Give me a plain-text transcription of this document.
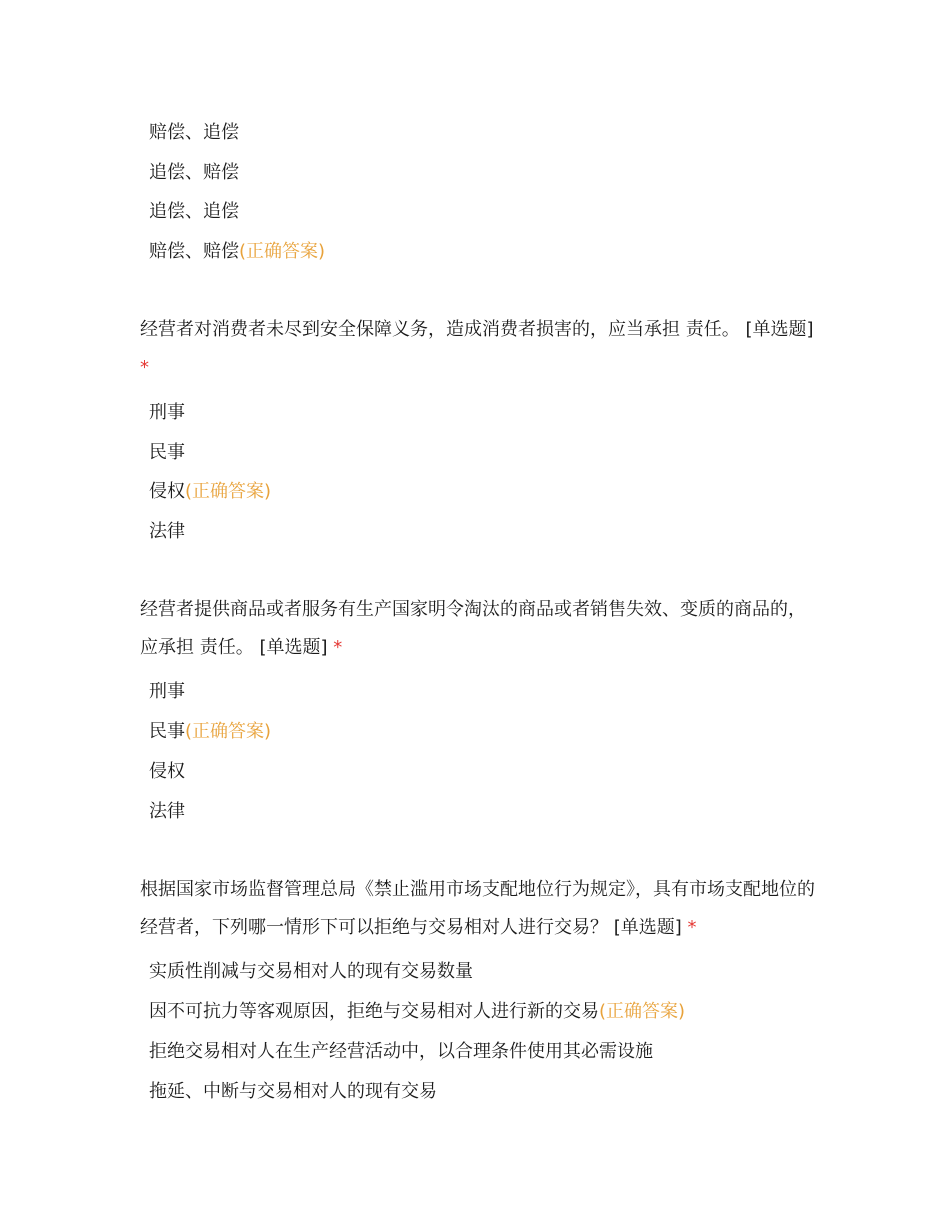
赔偿、追偿
追偿、赔偿
追偿、追偿
赔偿、赔偿(正确答案)
经营者对消费者未尽到安全保障义务，造成消费者损害的，应当承担 责任。 [单选题] *
刑事
民事
侵权(正确答案)
法律
经营者提供商品或者服务有生产国家明令淘汰的商品或者销售失效、变质的商品的，应承担 责任。 [单选题] *
刑事
民事(正确答案)
侵权
法律
根据国家市场监督管理总局《禁止滥用市场支配地位行为规定》，具有市场支配地位的经营者，下列哪一情形下可以拒绝与交易相对人进行交易？ [单选题] *
实质性削减与交易相对人的现有交易数量
因不可抗力等客观原因，拒绝与交易相对人进行新的交易(正确答案)
拒绝交易相对人在生产经营活动中，以合理条件使用其必需设施
拖延、中断与交易相对人的现有交易
